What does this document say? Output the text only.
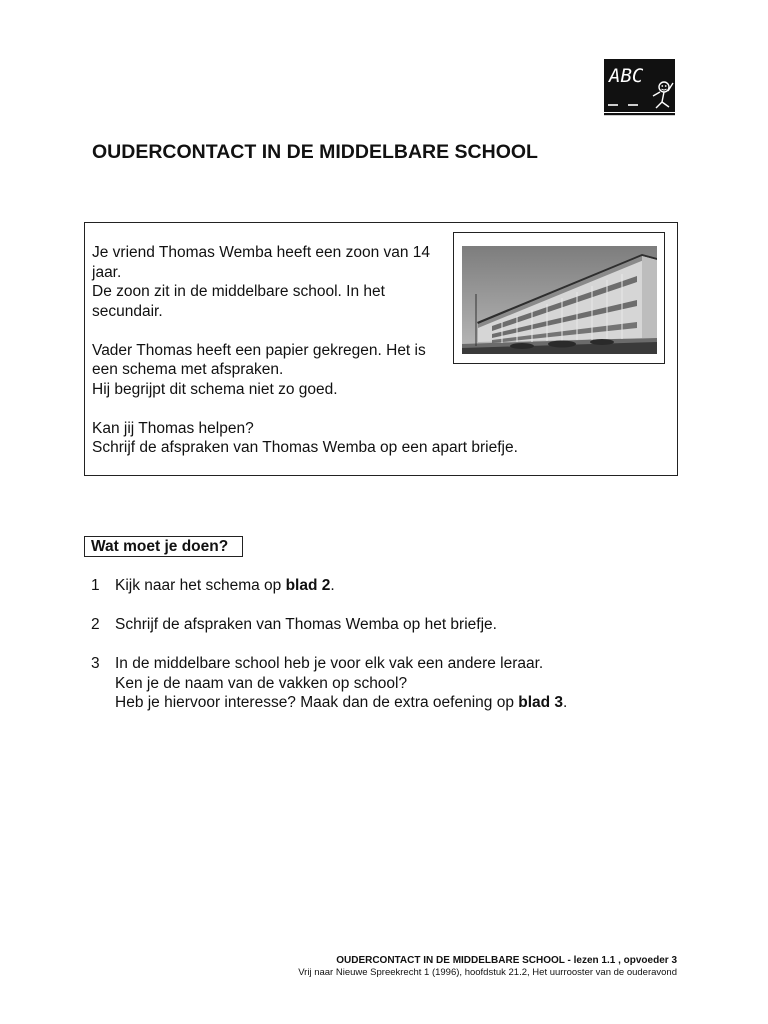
ABC
OUDERCONTACT IN DE MIDDELBARE SCHOOL

Je vriend Thomas Wemba heeft een zoon van 14
jaar.
De zoon zit in de middelbare school. In het
secundair.

Vader Thomas heeft een papier gekregen. Het is
een schema met afspraken.
Hij begrijpt dit schema niet zo goed.

Kan jij Thomas helpen?
Schrijf de afspraken van Thomas Wemba op een apart briefje.

Wat moet je doen?
1 Kijk naar het schema op blad 2.
2 Schrijf de afspraken van Thomas Wemba op het briefje.
3 In de middelbare school heb je voor elk vak een andere leraar.
Ken je de naam van de vakken op school?
Heb je hiervoor interesse? Maak dan de extra oefening op blad 3.
OUDERCONTACT IN DE MIDDELBARE SCHOOL - lezen 1.1 , opvoeder 3
Vrij naar Nieuwe Spreekrecht 1 (1996), hoofdstuk 21.2, Het uurrooster van de ouderavond
